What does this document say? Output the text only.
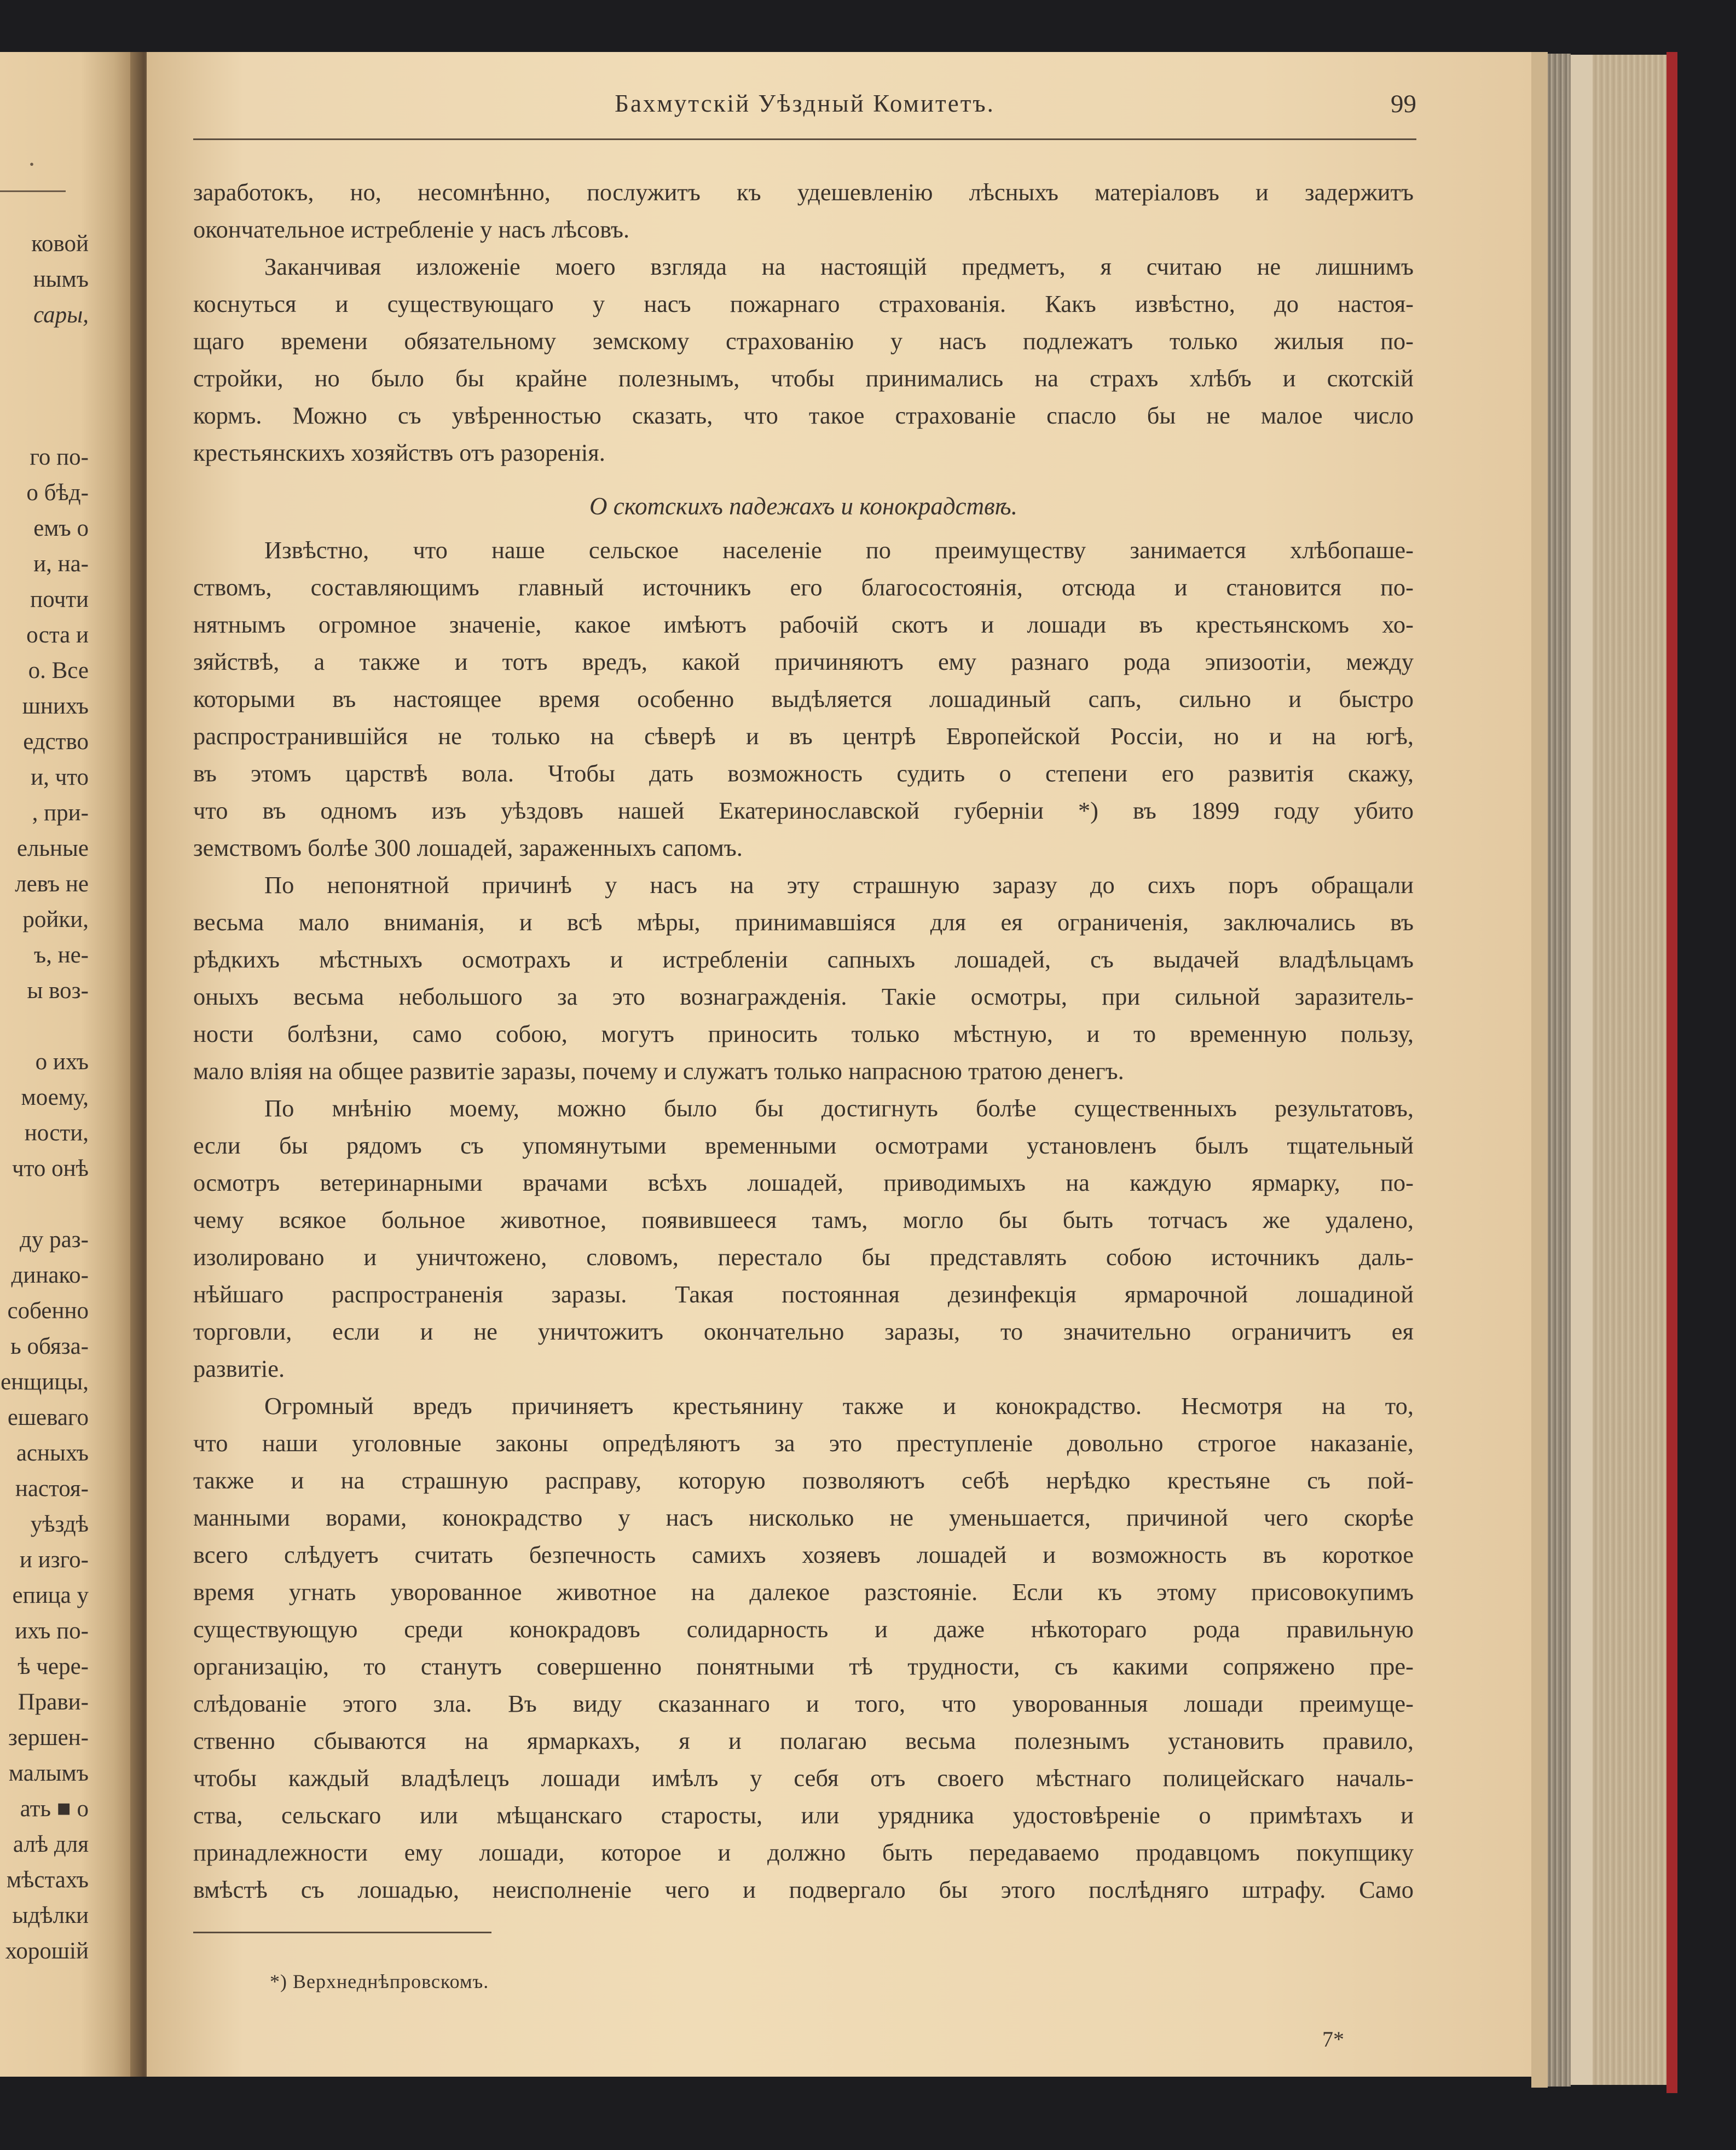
·
ковой
нымъ
сары,
го по-
о бѣд-
емъ о
и, на-
почти
оста и
о. Все
шнихъ
едство
и, что
, при-
ельные
левъ не
ройки,
ъ, не-
ы воз-
о ихъ
моему,
ности,
что онѣ
ду раз-
динако-
собенно
ь обяза-
енщицы,
ешеваго
асныхъ
настоя-
уѣздѣ
и изго-
епица у
ихъ по-
ѣ чере-
Прави-
зершен-
малымъ
ать ■ о
алѣ для
мѣстахъ
ыдѣлки
хорошій
Бахмутскій Уѣздный Комитетъ.	99
заработокъ, но, несомнѣнно, послужитъ къ удешевленію лѣсныхъ матеріаловъ и задержитъ
окончательное истребленіе у насъ лѣсовъ.
Заканчивая изложеніе моего взгляда на настоящій предметъ, я считаю не лишнимъ
коснуться и существующаго у насъ пожарнаго страхованія. Какъ извѣстно, до настоя-
щаго времени обязательному земскому страхованію у насъ подлежатъ только жилыя по-
стройки, но было бы крайне полезнымъ, чтобы принимались на страхъ хлѣбъ и скотскій
кормъ. Можно съ увѣренностью сказать, что такое страхованіе спасло бы не малое число
крестьянскихъ хозяйствъ отъ разоренія.
О скотскихъ падежахъ и конокрадствѣ.
Извѣстно, что наше сельское населеніе по преимуществу занимается хлѣбопаше-
ствомъ, составляющимъ главный источникъ его благосостоянія, отсюда и становится по-
нятнымъ огромное значеніе, какое имѣютъ рабочій скотъ и лошади въ крестьянскомъ хо-
зяйствѣ, а также и тотъ вредъ, какой причиняютъ ему разнаго рода эпизоотіи, между
которыми въ настоящее время особенно выдѣляется лошадиный сапъ, сильно и быстро
распространившійся не только на сѣверѣ и въ центрѣ Европейской Россіи, но и на югѣ,
въ этомъ царствѣ вола. Чтобы дать возможность судить о степени его развитія скажу,
что въ одномъ изъ уѣздовъ нашей Екатеринославской губерніи *) въ 1899 году убито
земствомъ болѣе 300 лошадей, зараженныхъ сапомъ.
По непонятной причинѣ у насъ на эту страшную заразу до сихъ поръ обращали
весьма мало вниманія, и всѣ мѣры, принимавшіяся для ея ограниченія, заключались въ
рѣдкихъ мѣстныхъ осмотрахъ и истребленіи сапныхъ лошадей, съ выдачей владѣльцамъ
оныхъ весьма небольшого за это вознагражденія. Такіе осмотры, при сильной заразитель-
ности болѣзни, само собою, могутъ приносить только мѣстную, и то временную пользу,
мало вліяя на общее развитіе заразы, почему и служатъ только напрасною тратою денегъ.
По мнѣнію моему, можно было бы достигнуть болѣе существенныхъ результатовъ,
если бы рядомъ съ упомянутыми временными осмотрами установленъ былъ тщательный
осмотръ ветеринарными врачами всѣхъ лошадей, приводимыхъ на каждую ярмарку, по-
чему всякое больное животное, появившееся тамъ, могло бы быть тотчасъ же удалено,
изолировано и уничтожено, словомъ, перестало бы представлять собою источникъ даль-
нѣйшаго распространенія заразы. Такая постоянная дезинфекція ярмарочной лошадиной
торговли, если и не уничтожитъ окончательно заразы, то значительно ограничитъ ея
развитіе.
Огромный вредъ причиняетъ крестьянину также и конокрадство. Несмотря на то,
что наши уголовные законы опредѣляютъ за это преступленіе довольно строгое наказаніе,
также и на страшную расправу, которую позволяютъ себѣ нерѣдко крестьяне съ пой-
манными ворами, конокрадство у насъ нисколько не уменьшается, причиной чего скорѣе
всего слѣдуетъ считать безпечность самихъ хозяевъ лошадей и возможность въ короткое
время угнать уворованное животное на далекое разстояніе. Если къ этому присовокупимъ
существующую среди конокрадовъ солидарность и даже нѣкотораго рода правильную
организацію, то станутъ совершенно понятными тѣ трудности, съ какими сопряжено пре-
слѣдованіе этого зла. Въ виду сказаннаго и того, что уворованныя лошади преимуще-
ственно сбываются на ярмаркахъ, я и полагаю весьма полезнымъ установить правило,
чтобы каждый владѣлецъ лошади имѣлъ у себя отъ своего мѣстнаго полицейскаго началь-
ства, сельскаго или мѣщанскаго старосты, или урядника удостовѣреніе о примѣтахъ и
принадлежности ему лошади, которое и должно быть передаваемо продавцомъ покупщику
вмѣстѣ съ лошадью, неисполненіе чего и подвергало бы этого послѣдняго штрафу. Само
*) Верхнеднѣпровскомъ.
7*
